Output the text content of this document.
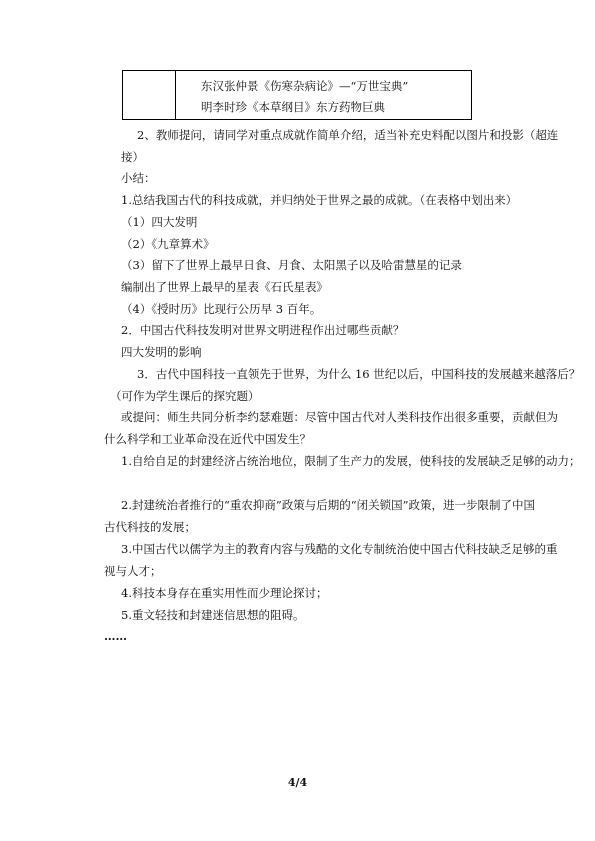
东汉张仲景《伤寒杂病论》—“万世宝典”
明李时珍《本草纲目》东方药物巨典
2、教师提问，请同学对重点成就作简单介绍，适当补充史料配以图片和投影（超连
接）
小结：
1.总结我国古代的科技成就，并归纳处于世界之最的成就。（在表格中划出来）
（1）四大发明
（2）《九章算术》
（3）留下了世界上最早日食、月食、太阳黑子以及哈雷慧星的记录
编制出了世界上最早的星表《石氏星表》
（4）《授时历》比现行公历早 3 百年。
2．中国古代科技发明对世界文明进程作出过哪些贡献？
四大发明的影响
3．古代中国科技一直领先于世界，为什么 16 世纪以后，中国科技的发展越来越落后？
（可作为学生课后的探究题）
或提问：师生共同分析李约瑟难题：尽管中国古代对人类科技作出很多重要，贡献但为
什么科学和工业革命没在近代中国发生？
1.自给自足的封建经济占统治地位，限制了生产力的发展，使科技的发展缺乏足够的动力；
2.封建统治者推行的“重农抑商”政策与后期的“闭关锁国”政策，进一步限制了中国
古代科技的发展；
3.中国古代以儒学为主的教育内容与残酷的文化专制统治使中国古代科技缺乏足够的重
视与人才；
4.科技本身存在重实用性而少理论探讨；
5.重文轻技和封建迷信思想的阻碍。
……
4/4
